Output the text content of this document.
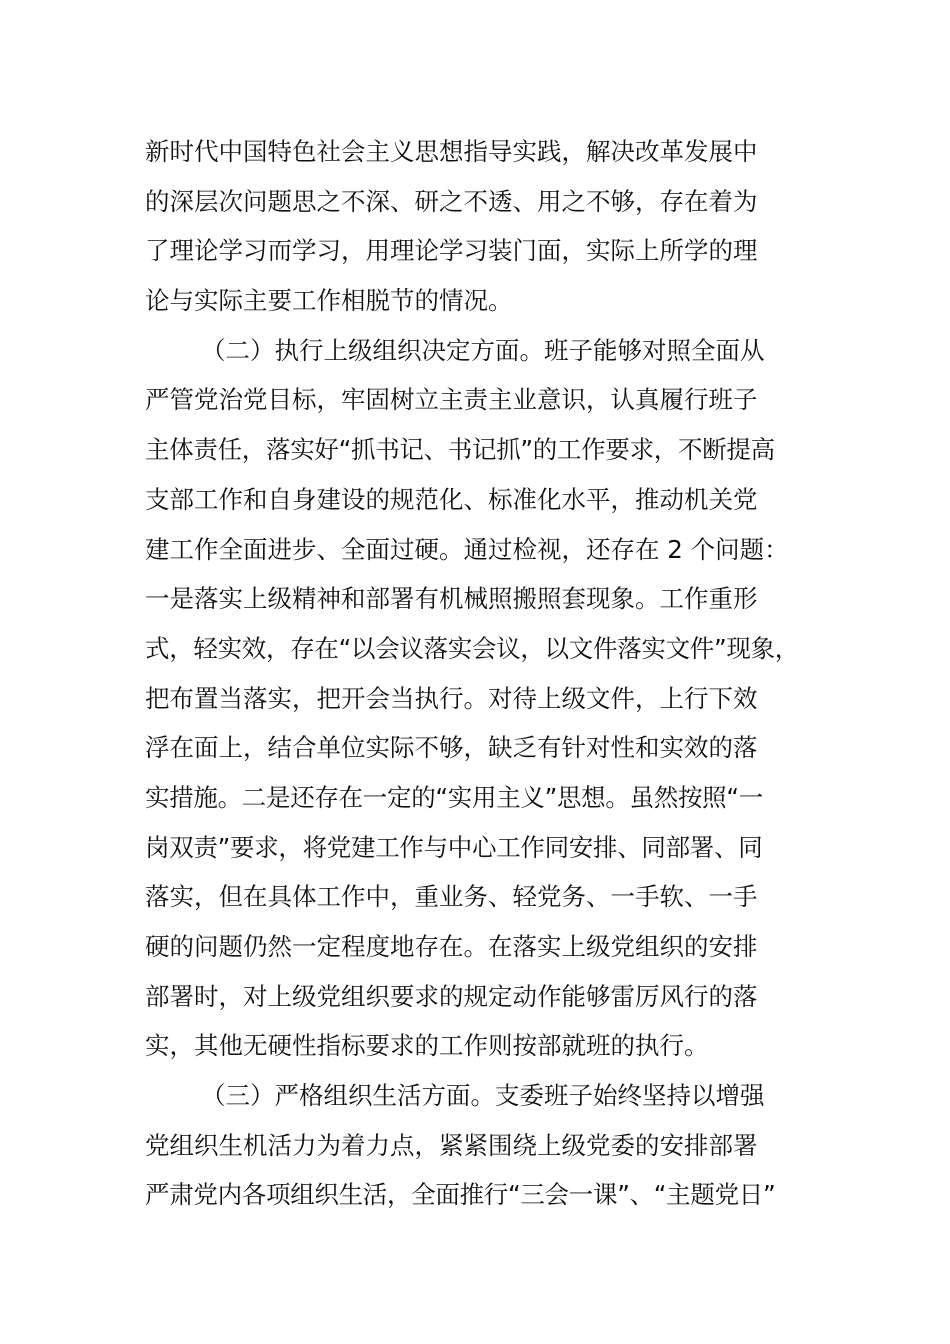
新时代中国特色社会主义思想指导实践，解决改革发展中
的深层次问题思之不深、研之不透、用之不够，存在着为
了理论学习而学习，用理论学习装门面，实际上所学的理
论与实际主要工作相脱节的情况。
（二）执行上级组织决定方面。班子能够对照全面从
严管党治党目标，牢固树立主责主业意识，认真履行班子
主体责任，落实好“抓书记、书记抓”的工作要求，不断提高
支部工作和自身建设的规范化、标准化水平，推动机关党
建工作全面进步、全面过硬。通过检视，还存在 2 个问题：
一是落实上级精神和部署有机械照搬照套现象。工作重形
式，轻实效，存在“以会议落实会议，以文件落实文件”现象，
把布置当落实，把开会当执行。对待上级文件，上行下效
浮在面上，结合单位实际不够，缺乏有针对性和实效的落
实措施。二是还存在一定的“实用主义”思想。虽然按照“一
岗双责”要求，将党建工作与中心工作同安排、同部署、同
落实，但在具体工作中，重业务、轻党务、一手软、一手
硬的问题仍然一定程度地存在。在落实上级党组织的安排
部署时，对上级党组织要求的规定动作能够雷厉风行的落
实，其他无硬性指标要求的工作则按部就班的执行。
（三）严格组织生活方面。支委班子始终坚持以增强
党组织生机活力为着力点，紧紧围绕上级党委的安排部署
严肃党内各项组织生活，全面推行“三会一课”、“主题党日”
